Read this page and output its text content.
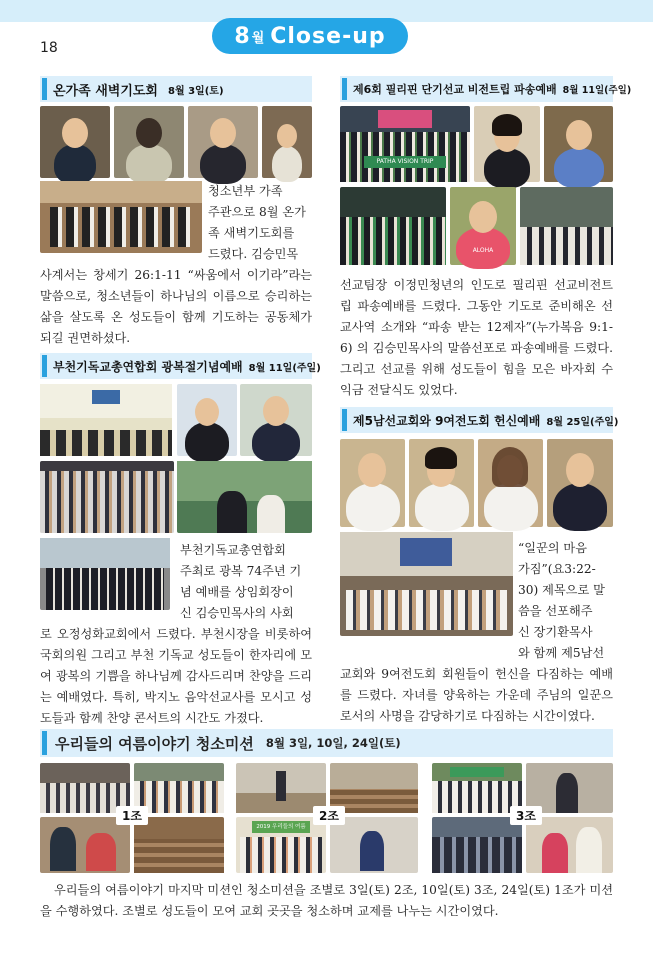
8 월 Close-up
18
온가족 새벽기도회 8월 3일(토)

청소년부 가족
주관으로 8월 온가
족 새벽기도회를
드렸다. 김승민목

사계서는 창세기 26:1-11 “싸움에서 이기라”라는 말씀으로, 청소년들이 하나님의 이름으로 승리하는 삶을 살도록 온 성도들이 함께 기도하는 공동체가 되길 권면하셨다.

부천기독교총연합회 광복절기념예배 8월 11일(주일)

부천기독교총연합회
주최로 광복 74주년 기
념 예배를 상임회장이
신 김승민목사의 사회

로 오정성화교회에서 드렸다. 부천시장을 비롯하여 국회의원 그리고 부천 기독교 성도들이 한자리에 모여 광복의 기쁨을 하나님께 감사드리며 찬양을 드리는 예배였다. 특히, 박지노 음악선교사를 모시고 성도들과 함께 찬양 콘서트의 시간도 가졌다.

제6회 필리핀 단기선교 비전트립 파송예배 8월 11일(주일)
PATHA VISION TRIP
ALOHA

선교팀장 이정민청년의 인도로 필리핀 선교비전트립 파송예배를 드렸다. 그동안 기도로 준비해온 선교사역 소개와 “파송 받는 12제자”(누가복음 9:1-6) 의 김승민목사의 말씀선포로 파송예배를 드렸다. 그리고 선교를 위해 성도들이 힘을 모은 바자회 수익금 전달식도 있었다.

제5남선교회와 9여전도회 헌신예배 8월 25일(주일)

“일꾼의 마음
가짐”(요3:22-
30) 제목으로 말
씀을 선포해주
신 장기환목사
와 함께 제5남선

교회와 9여전도회 회원들이 헌신을 다짐하는 예배를 드렸다. 자녀를 양육하는 가운데 주님의 일꾼으로서의 사명을 감당하기로 다짐하는 시간이였다.

우리들의 여름이야기 청소미션 8월 3일, 10일, 24일(토)
1조
2019 우리들의 여름
2조	3조

우리들의 여름이야기 마지막 미션인 청소미션을 조별로 3일(토) 2조, 10일(토) 3조, 24일(토) 1조가 미션을 수행하였다. 조별로 성도들이 모여 교회 곳곳을 청소하며 교제를 나누는 시간이였다.
